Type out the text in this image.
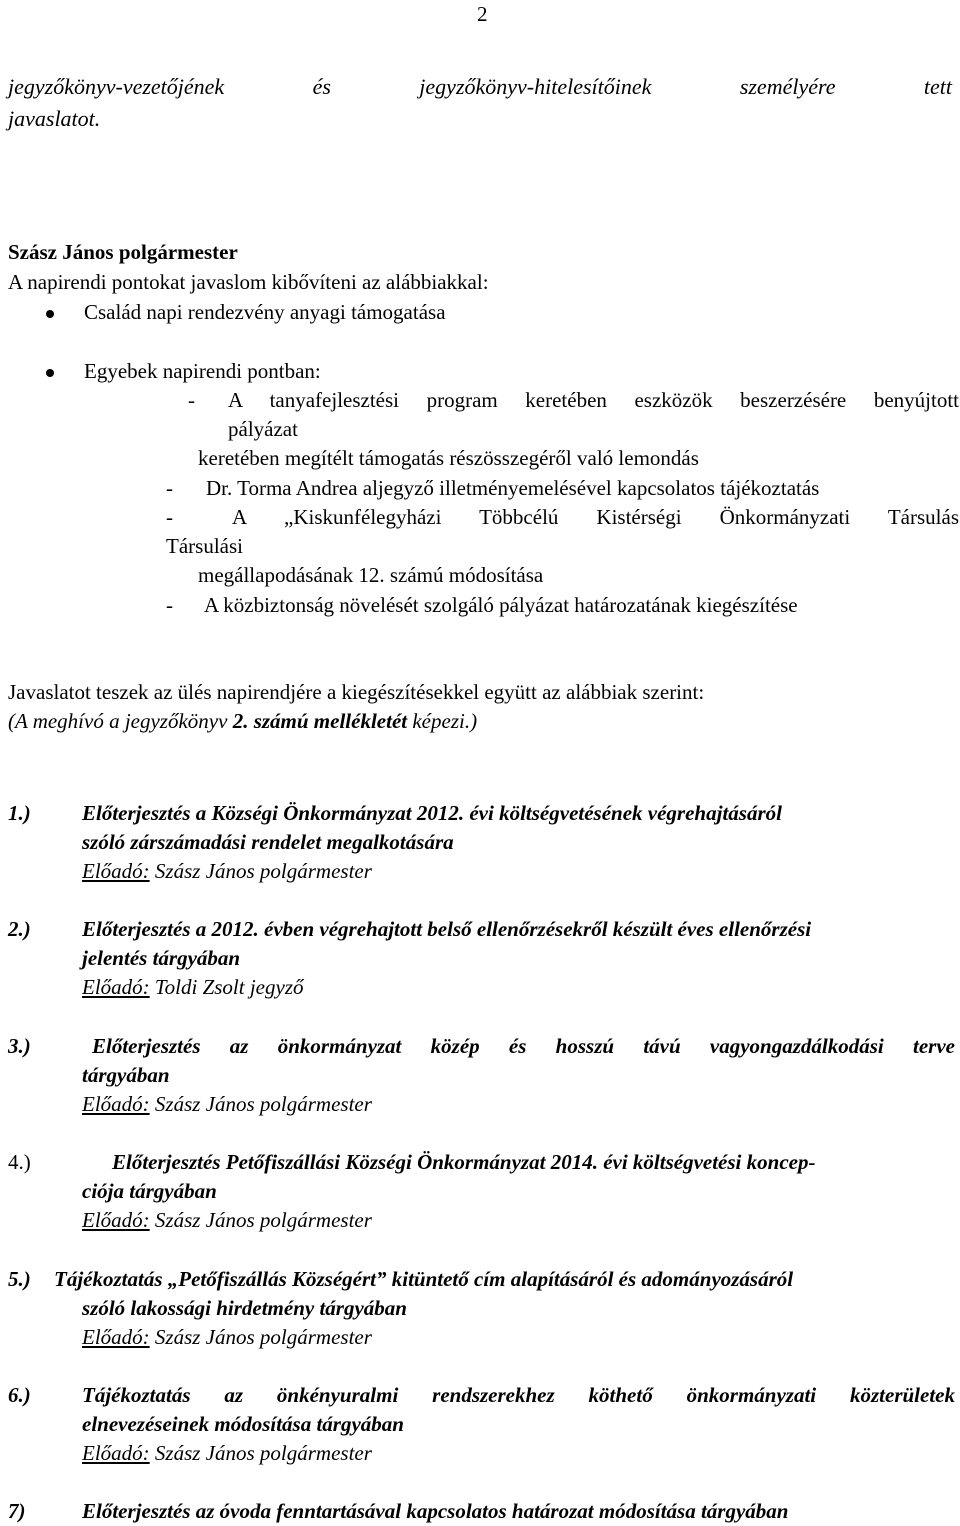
2
jegyzőkönyv-vezetőjének és jegyzőkönyv-hitelesítőinek személyére tett
javaslatot.
Szász János polgármester
A napirendi pontokat javaslom kibővíteni az alábbiakkal:
Család napi rendezvény anyagi támogatása
Egyebek napirendi pontban:
- A tanyafejlesztési program keretében eszközök beszerzésére benyújtott
pályázat
keretében megítélt támogatás részösszegéről való lemondás
- Dr. Torma Andrea aljegyző illetményemelésével kapcsolatos tájékoztatás
-	A „Kiskunfélegyházi Többcélú Kistérségi Önkormányzati Társulás
Társulási
megállapodásának 12. számú módosítása
- A közbiztonság növelését szolgáló pályázat határozatának kiegészítése
Javaslatot teszek az ülés napirendjére a kiegészítésekkel együtt az alábbiak szerint:
(A meghívó a jegyzőkönyv 2. számú mellékletét képezi.)
1.) Előterjesztés a Községi Önkormányzat 2012. évi költségvetésének végrehajtásáról
szóló zárszámadási rendelet megalkotására
Előadó: Szász János polgármester
2.) Előterjesztés a 2012. évben végrehajtott belső ellenőrzésekről készült éves ellenőrzési
jelentés tárgyában
Előadó: Toldi Zsolt jegyző
3.)	Előterjesztés az önkormányzat közép és hosszú távú vagyongazdálkodási terve
tárgyában
Előadó: Szász János polgármester
4.)	Előterjesztés Petőfiszállási Községi Önkormányzat 2014. évi költségvetési koncep-
ciója tárgyában
Előadó: Szász János polgármester
5.) Tájékoztatás „Petőfiszállás Községért” kitüntető cím alapításáról és adományozásáról
szóló lakossági hirdetmény tárgyában
Előadó: Szász János polgármester
6.) Tájékoztatás az önkényuralmi rendszerekhez köthető önkormányzati közterületek
elnevezéseinek módosítása tárgyában
Előadó: Szász János polgármester
7)	Előterjesztés az óvoda fenntartásával kapcsolatos határozat módosítása tárgyában
